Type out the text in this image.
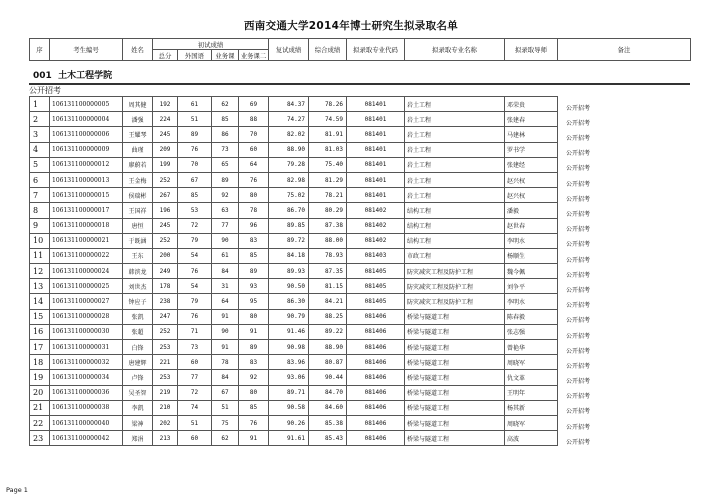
西南交通大学2014年博士研究生拟录取名单
序	考生编号	姓名	初试成绩				复试成绩	综合成绩	拟录取专业代码	拟录取专业名称	拟录取导师	备注
			总分	外国语	业务课	业务课二						
001 土木工程学院
公开招考
1	106131100000005	周其健	192	61	62	69	84.37	78.26	081401	岩土工程	邓荣贵	公开招考
2	106131100000004	潘强	224	51	85	88	74.27	74.59	081401	岩土工程	张建春	公开招考
3	106131100000006	王耀琴	245	89	86	70	82.02	81.91	081401	岩土工程	马建林	公开招考
4	106131100000009	曲瑾	209	76	73	60	88.90	81.03	081401	岩土工程	罗书学	公开招考
5	106131100000012	廖蔚若	199	70	65	64	79.28	75.40	081401	岩土工程	张建经	公开招考
6	106131100000013	王金梅	252	67	89	76	82.98	81.29	081401	岩土工程	赵兴权	公开招考
7	106131100000015	侯瑞彬	267	85	92	80	75.02	78.21	081401	岩土工程	赵兴权	公开招考
8	106131100000017	王国祥	196	53	63	78	86.70	80.29	081402	结构工程	潘毅	公开招考
9	106131100000018	唐恒	245	72	77	96	89.85	87.38	081402	结构工程	赵世春	公开招考
10	106131100000021	于既涵	252	79	90	83	89.72	88.00	081402	结构工程	李明水	公开招考
11	106131100000022	王东	200	54	61	85	84.18	78.93	081403	市政工程	杨顺生	公开招考
12	106131100000024	韩滨龙	249	76	84	89	89.93	87.35	081405	防灾减灾工程及防护工程	魏今佩	公开招考
13	106131100000025	刘世杰	178	54	31	93	90.50	81.15	081405	防灾减灾工程及防护工程	刘争平	公开招考
14	106131100000027	钟应子	238	79	64	95	86.30	84.21	081405	防灾减灾工程及防护工程	李明水	公开招考
15	106131100000028	张凯	247	76	91	80	90.79	88.25	081406	桥梁与隧道工程	陈春毅	公开招考
16	106131100000030	张超	252	71	90	91	91.46	89.22	081406	桥梁与隧道工程	张志强	公开招考
17	106131100000031	白锋	253	73	91	89	90.98	88.90	081406	桥梁与隧道工程	曾艳华	公开招考
18	106131100000032	唐建辉	221	60	78	83	83.96	80.87	081406	桥梁与隧道工程	周晓军	公开招考
19	106131100000034	卢锋	253	77	84	92	93.06	90.44	081406	桥梁与隧道工程	仇文革	公开招考
20	106131100000036	吴圣智	219	72	67	80	89.71	84.70	081406	桥梁与隧道工程	王明年	公开招考
21	106131100000038	李凯	210	74	51	85	90.58	84.60	081406	桥梁与隧道工程	杨其新	公开招考
22	106131100000040	梁神	202	51	75	76	90.26	85.38	081406	桥梁与隧道工程	周晓军	公开招考
23	106131100000042	郑涓	213	60	62	91	91.61	85.43	081406	桥梁与隧道工程	高波	公开招考
Page 1
